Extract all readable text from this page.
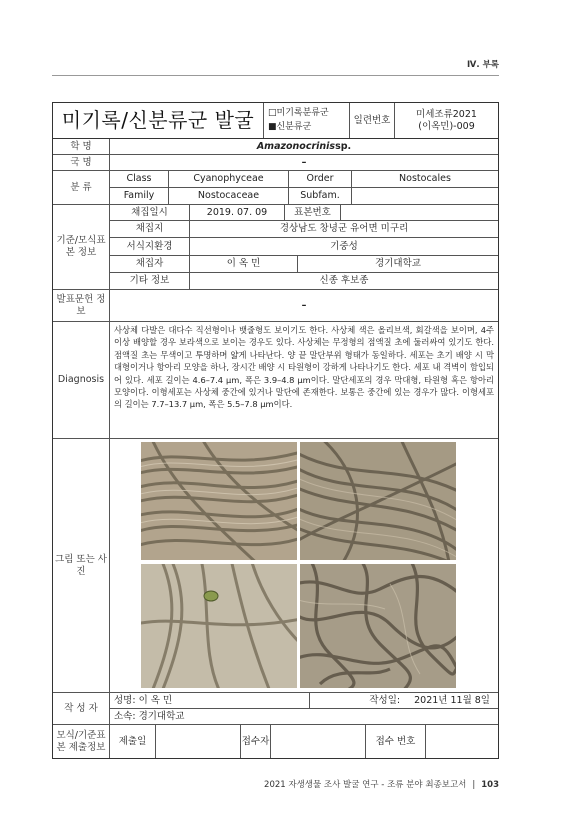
Ⅳ. 부록
미기록/신분류군 발굴	□미기록분류군
■신분류군
일련번호
미세조류2021
(이옥민)-009
학 명	Amazonocrinis sp.
국 명	–
분 류
Class	Cyanophyceae	Order	Nostocales
Family	Nostocaceae	Subfam.
기준/모식표 본 정보
채집일시	2019. 07. 09	표본번호
채집지	경상남도 창녕군 유어면 미구리
서식지환경	기중성
채집자	이 옥 민	경기대학교
기타 정보	신종 후보종
발표문헌 정보
–
Diagnosis
사상체 다발은 대다수 직선형이나 뱃줄형도 보이기도 한다. 사상체 색은 올리브색, 회갈색을 보이며, 4주 이상 배양할 경우 보라색으로 보이는 경우도 있다. 사상체는 무정형의 점액질 초에 둘러싸여 있기도 한다. 점액질 초는 무색이고 투명하며 얇게 나타난다. 양 끝 말단부위 형태가 동일하다. 세포는 초기 배양 시 막대형이거나 항아리 모양을 하나, 장시간 배양 시 타원형이 강하게 나타나기도 한다. 세포 내 격벽이 함입되어 있다. 세포 길이는 4.6–7.4 μm, 폭은 3.9–4.8 μm이다. 말단세포의 경우 막대형, 타원형 혹은 항아리 모양이다. 이형세포는 사상체 중간에 있거나 말단에 존재한다. 보통은 중간에 있는 경우가 많다. 이형세포의 길이는 7.7–13.7 μm, 폭은 5.5–7.8 μm이다.
그림 또는 사진
작 성 자
성명: 이 옥 민	작성일: 2021년 11월 8일
소속: 경기대학교
모식/기준표 본 제출정보
제출일	접수자	접수 번호
2021 자생생물 조사 발굴 연구 - 조류 분야 최종보고서 | 103
